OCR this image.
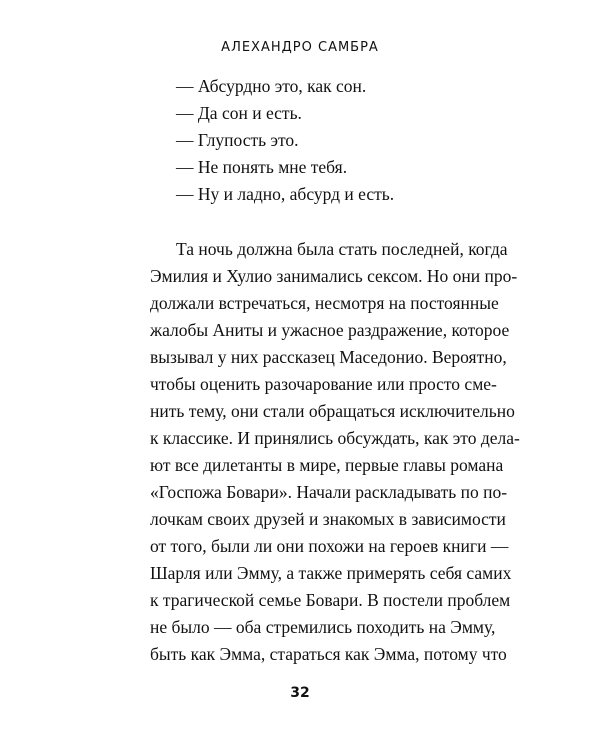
АЛЕХАНДРО САМБРА
— Абсурдно это, как сон.
— Да сон и есть.
— Глупость это.
— Не понять мне тебя.
— Ну и ладно, абсурд и есть.
Та ночь должна была стать последней, когда
Эмилия и Хулио занимались сексом. Но они про-
должали встречаться, несмотря на постоянные
жалобы Аниты и ужасное раздражение, которое
вызывал у них рассказец Маседонио. Вероятно,
чтобы оценить разочарование или просто сме-
нить тему, они стали обращаться исключительно
к классике. И принялись обсуждать, как это дела-
ют все дилетанты в мире, первые главы романа
«Госпожа Бовари». Начали раскладывать по по-
лочкам своих друзей и знакомых в зависимости
от того, были ли они похожи на героев книги —
Шарля или Эмму, а также примерять себя самих
к трагической семье Бовари. В постели проблем
не было — оба стремились походить на Эмму,
быть как Эмма, стараться как Эмма, потому что
32
